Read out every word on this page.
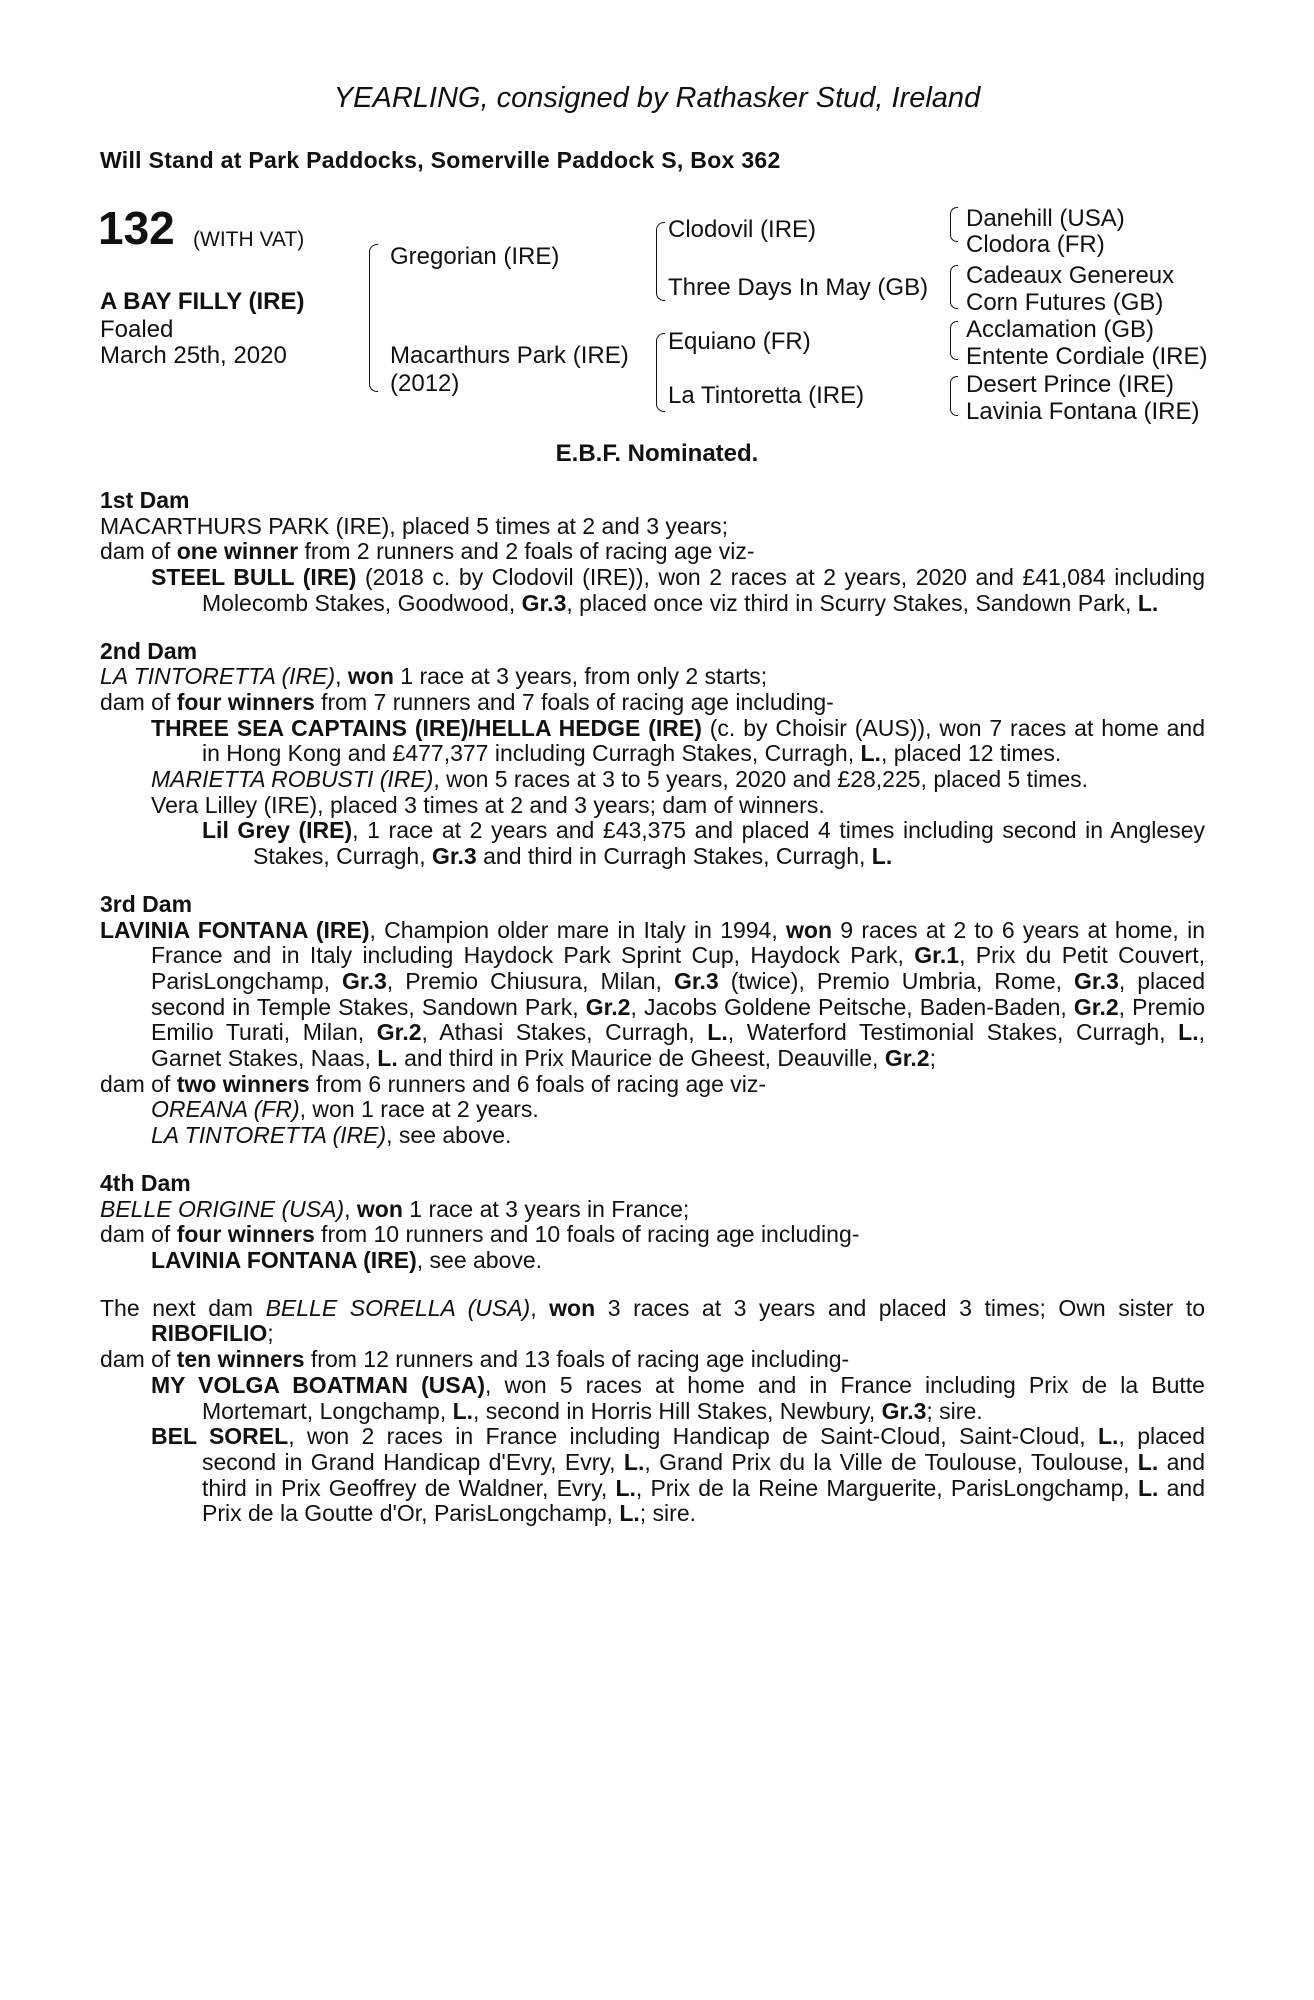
YEARLING, consigned by Rathasker Stud, Ireland
Will Stand at Park Paddocks, Somerville Paddock S, Box 362
132 (WITH VAT)
A BAY FILLY (IRE)
Foaled
March 25th, 2020
Gregorian (IRE)
Macarthurs Park (IRE)
(2012)
Clodovil (IRE)
Three Days In May (GB)
Equiano (FR)
La Tintoretta (IRE)
Danehill (USA)
Clodora (FR)
Cadeaux Genereux
Corn Futures (GB)
Acclamation (GB)
Entente Cordiale (IRE)
Desert Prince (IRE)
Lavinia Fontana (IRE)
E.B.F. Nominated.
1st Dam

MACARTHURS PARK (IRE), placed 5 times at 2 and 3 years;

dam of one winner from 2 runners and 2 foals of racing age viz-

STEEL BULL (IRE) (2018 c. by Clodovil (IRE)), won 2 races at 2 years, 2020 and £41,084 including Molecomb Stakes, Goodwood, Gr.3, placed once viz third in Scurry Stakes, Sandown Park, L.

2nd Dam

LA TINTORETTA (IRE), won 1 race at 3 years, from only 2 starts;

dam of four winners from 7 runners and 7 foals of racing age including-

THREE SEA CAPTAINS (IRE)/HELLA HEDGE (IRE) (c. by Choisir (AUS)), won 7 races at home and in Hong Kong and £477,377 including Curragh Stakes, Curragh, L., placed 12 times.

MARIETTA ROBUSTI (IRE), won 5 races at 3 to 5 years, 2020 and £28,225, placed 5 times.

Vera Lilley (IRE), placed 3 times at 2 and 3 years; dam of winners.

Lil Grey (IRE), 1 race at 2 years and £43,375 and placed 4 times including second in Anglesey Stakes, Curragh, Gr.3 and third in Curragh Stakes, Curragh, L.

3rd Dam

LAVINIA FONTANA (IRE), Champion older mare in Italy in 1994, won 9 races at 2 to 6 years at home, in France and in Italy including Haydock Park Sprint Cup, Haydock Park, Gr.1, Prix du Petit Couvert, ParisLongchamp, Gr.3, Premio Chiusura, Milan, Gr.3 (twice), Premio Umbria, Rome, Gr.3, placed second in Temple Stakes, Sandown Park, Gr.2, Jacobs Goldene Peitsche, Baden-Baden, Gr.2, Premio Emilio Turati, Milan, Gr.2, Athasi Stakes, Curragh, L., Waterford Testimonial Stakes, Curragh, L., Garnet Stakes, Naas, L. and third in Prix Maurice de Gheest, Deauville, Gr.2;

dam of two winners from 6 runners and 6 foals of racing age viz-

OREANA (FR), won 1 race at 2 years.

LA TINTORETTA (IRE), see above.

4th Dam

BELLE ORIGINE (USA), won 1 race at 3 years in France;

dam of four winners from 10 runners and 10 foals of racing age including-

LAVINIA FONTANA (IRE), see above.

The next dam BELLE SORELLA (USA), won 3 races at 3 years and placed 3 times; Own sister to RIBOFILIO;

dam of ten winners from 12 runners and 13 foals of racing age including-

MY VOLGA BOATMAN (USA), won 5 races at home and in France including Prix de la Butte Mortemart, Longchamp, L., second in Horris Hill Stakes, Newbury, Gr.3; sire.

BEL SOREL, won 2 races in France including Handicap de Saint-Cloud, Saint-Cloud, L., placed second in Grand Handicap d'Evry, Evry, L., Grand Prix du la Ville de Toulouse, Toulouse, L. and third in Prix Geoffrey de Waldner, Evry, L., Prix de la Reine Marguerite, ParisLongchamp, L. and Prix de la Goutte d'Or, ParisLongchamp, L.; sire.
